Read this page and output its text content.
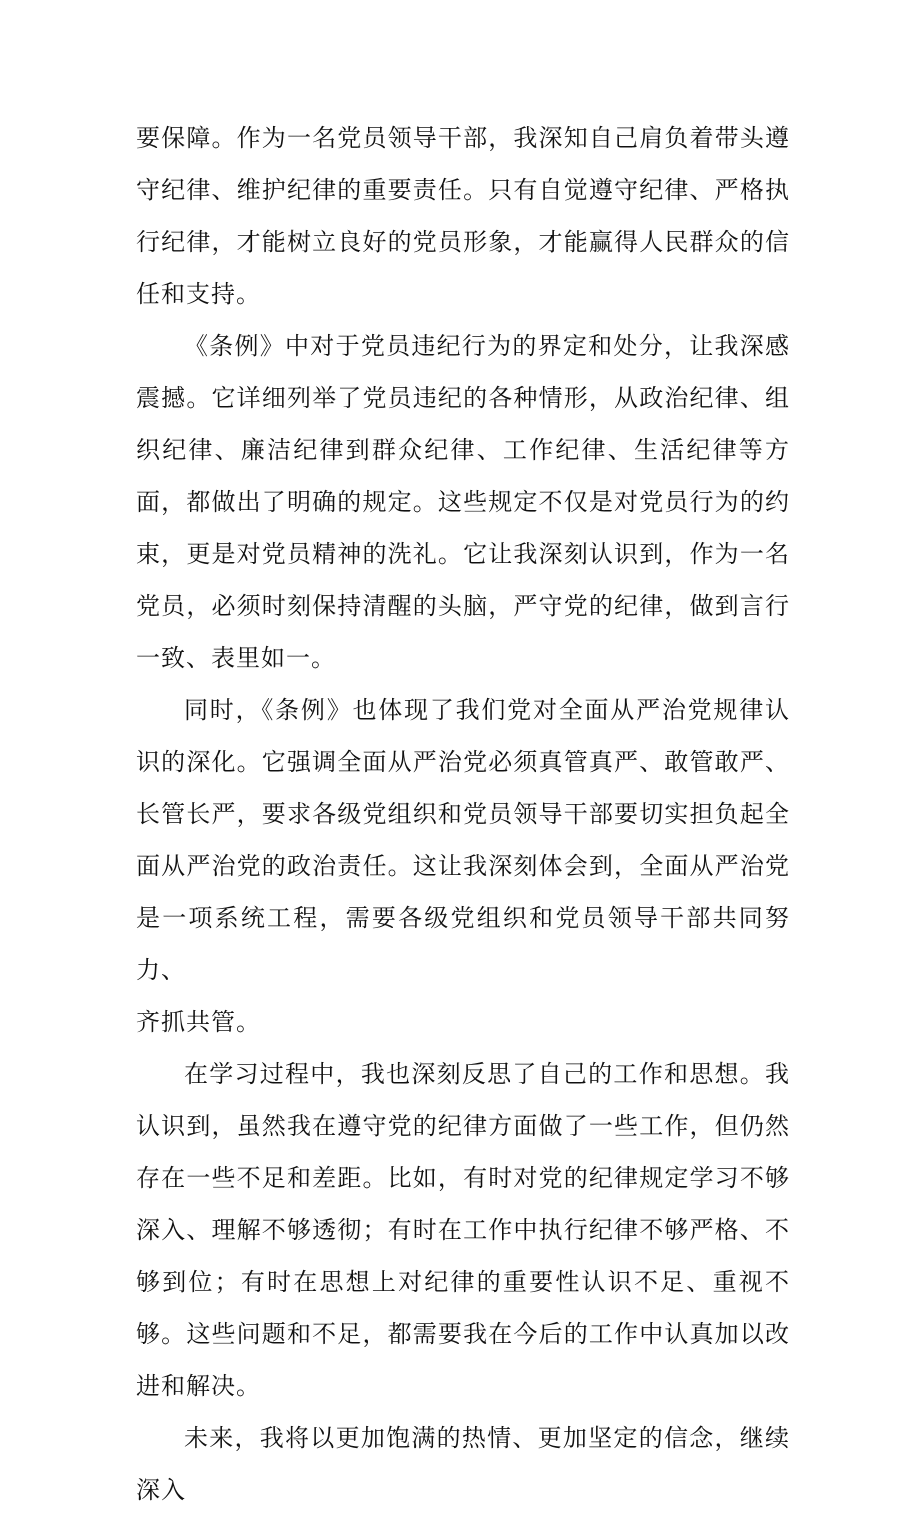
要保障。作为一名党员领导干部，我深知自己肩负着带头遵守纪律、维护纪律的重要责任。只有自觉遵守纪律、严格执行纪律，才能树立良好的党员形象，才能赢得人民群众的信任和支持。

《条例》中对于党员违纪行为的界定和处分，让我深感震撼。它详细列举了党员违纪的各种情形，从政治纪律、组织纪律、廉洁纪律到群众纪律、工作纪律、生活纪律等方面，都做出了明确的规定。这些规定不仅是对党员行为的约束，更是对党员精神的洗礼。它让我深刻认识到，作为一名党员，必须时刻保持清醒的头脑，严守党的纪律，做到言行一致、表里如一。

同时，《条例》也体现了我们党对全面从严治党规律认识的深化。它强调全面从严治党必须真管真严、敢管敢严、长管长严，要求各级党组织和党员领导干部要切实担负起全面从严治党的政治责任。这让我深刻体会到，全面从严治党是一项系统工程，需要各级党组织和党员领导干部共同努力、
齐抓共管。

在学习过程中，我也深刻反思了自己的工作和思想。我认识到，虽然我在遵守党的纪律方面做了一些工作，但仍然存在一些不足和差距。比如，有时对党的纪律规定学习不够深入、理解不够透彻；有时在工作中执行纪律不够严格、不够到位；有时在思想上对纪律的重要性认识不足、重视不够。这些问题和不足，都需要我在今后的工作中认真加以改进和解决。

未来，我将以更加饱满的热情、更加坚定的信念，继续深入
